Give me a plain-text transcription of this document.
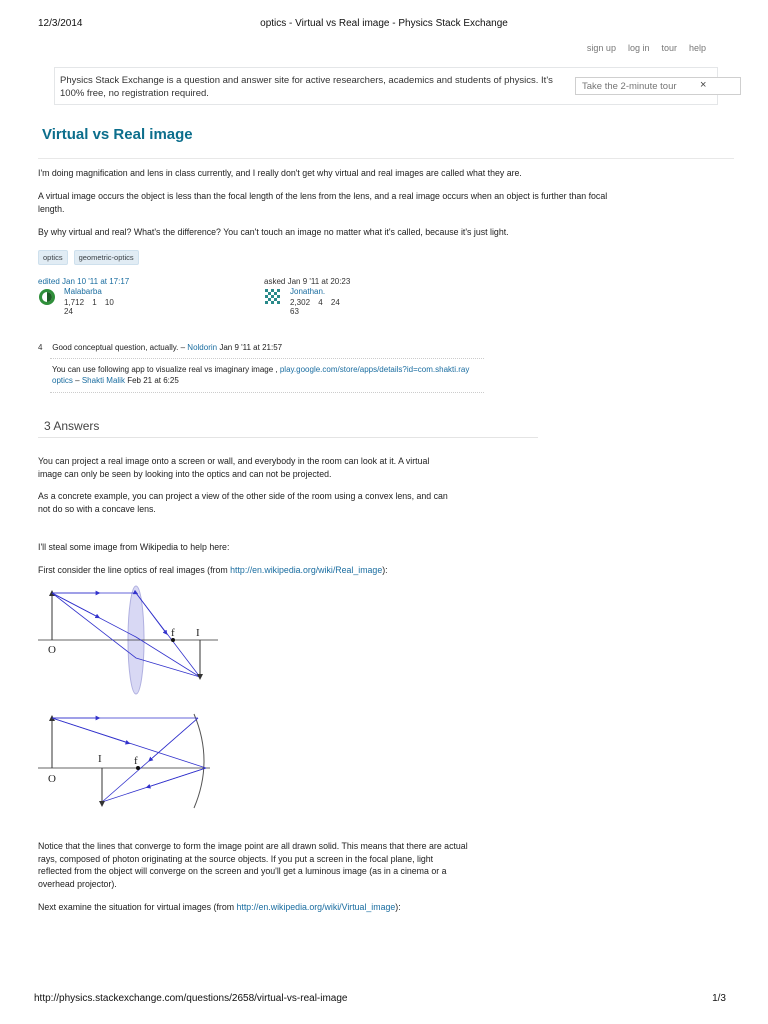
12/3/2014	optics - Virtual vs Real image - Physics Stack Exchange
sign up log in tour help
Physics Stack Exchange is a question and answer site for active researchers, academics and students of physics. It's 100% free, no registration required.
Take the 2-minute tour
×
Virtual vs Real image
I'm doing magnification and lens in class currently, and I really don't get why virtual and real images are called what they are.
A virtual image occurs the object is less than the focal length of the lens from the lens, and a real image occurs when an object is further than focal length.
By why virtual and real? What's the difference? You can't touch an image no matter what it's called, because it's just light.
optics	geometric-optics
edited Jan 10 '11 at 17:17
Malabarba
1,712 1 10 24
asked Jan 9 '11 at 20:23
Jonathan.
2,302 4 24 63
4 Good conceptual question, actually. – Noldorin Jan 9 '11 at 21:57
You can use following app to visualize real vs imaginary image , play.google.com/store/apps/details?id=com.shakti.rayoptics – Shakti Malik Feb 21 at 6:25
3 Answers
You can project a real image onto a screen or wall, and everybody in the room can look at it. A virtual image can only be seen by looking into the optics and can not be projected.
As a concrete example, you can project a view of the other side of the room using a convex lens, and can not do so with a concave lens.
I'll steal some image from Wikipedia to help here:
First consider the line optics of real images (from http://en.wikipedia.org/wiki/Real_image):
O
f I
O
I	f
Notice that the lines that converge to form the image point are all drawn solid. This means that there are actual rays, composed of photon originating at the source objects. If you put a screen in the focal plane, light reflected from the object will converge on the screen and you'll get a luminous image (as in a cinema or a overhead projector).
Next examine the situation for virtual images (from http://en.wikipedia.org/wiki/Virtual_image):
http://physics.stackexchange.com/questions/2658/virtual-vs-real-image	1/3
